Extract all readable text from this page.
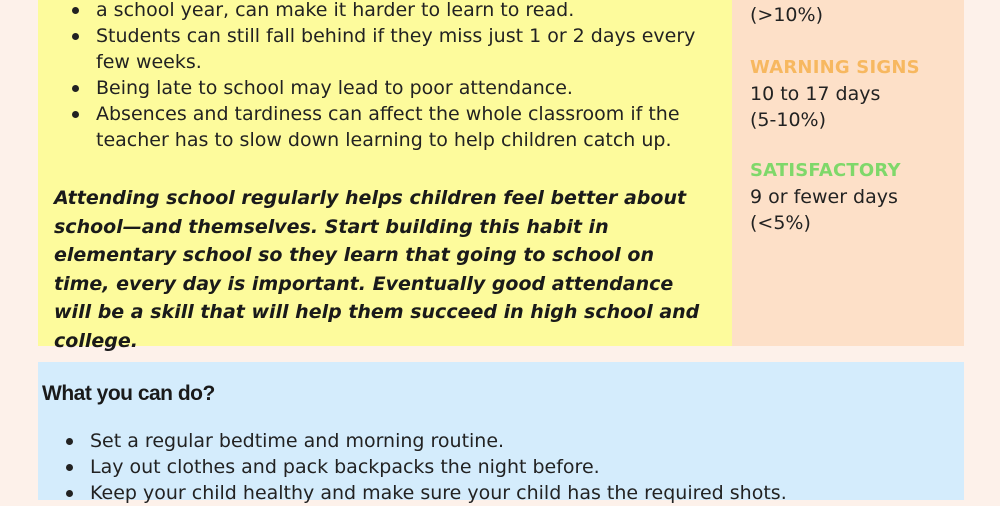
a school year, can make it harder to learn to read.
Students can still fall behind if they miss just 1 or 2 days every few weeks.
Being late to school may lead to poor attendance.
Absences and tardiness can affect the whole classroom if the teacher has to slow down learning to help children catch up.
Attending school regularly helps children feel better about school—and themselves. Start building this habit in elementary school so they learn that going to school on time, every day is important. Eventually good attendance will be a skill that will help them succeed in high school and college.
(>10%)
WARNING SIGNS
10 to 17 days
(5-10%)
SATISFACTORY
9 or fewer days
(<5%)
What you can do?
Set a regular bedtime and morning routine.
Lay out clothes and pack backpacks the night before.
Keep your child healthy and make sure your child has the required shots.
